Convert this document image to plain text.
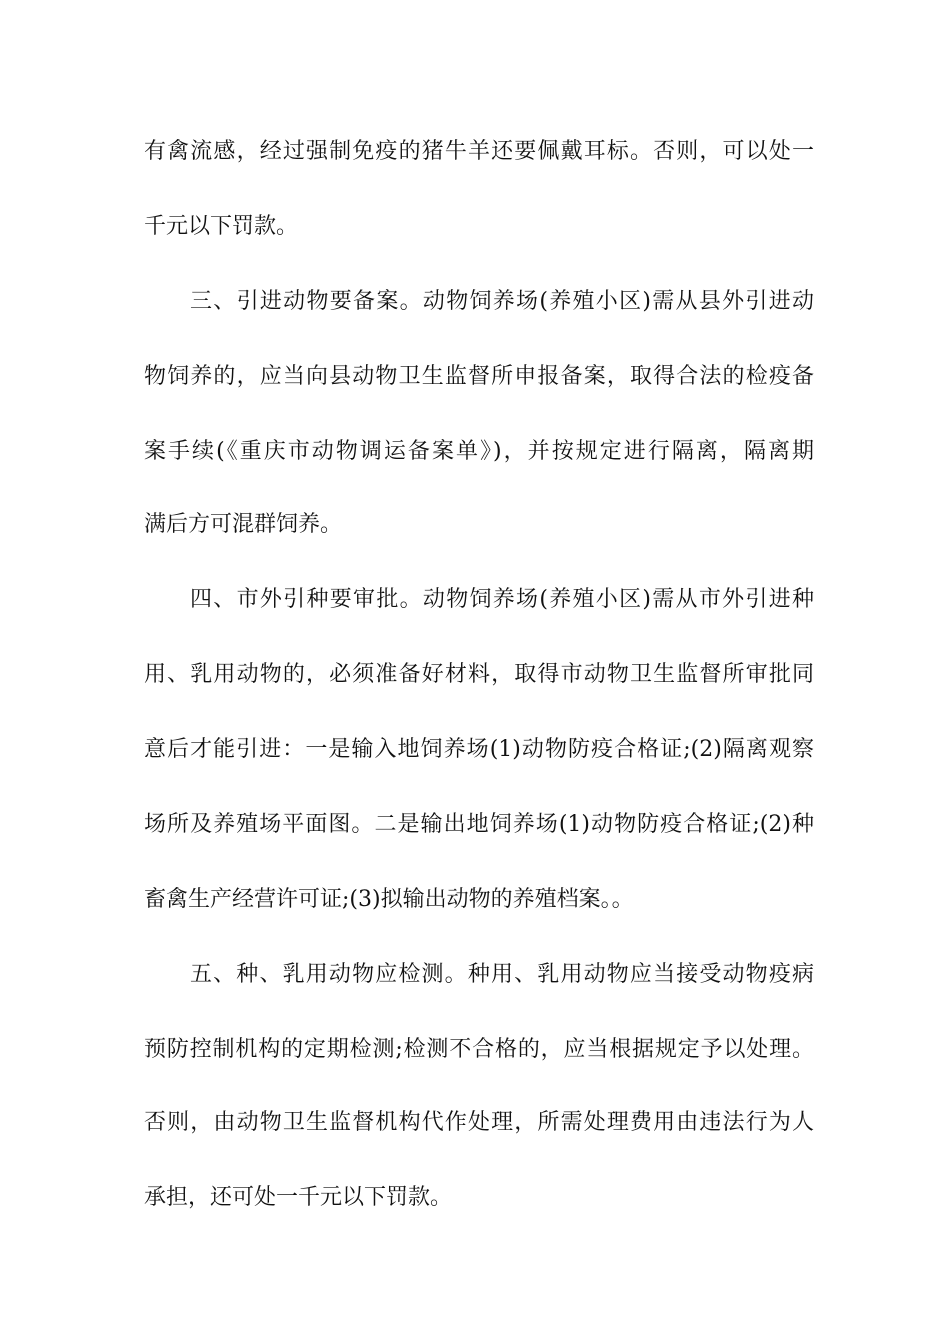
有禽流感，经过强制免疫的猪牛羊还要佩戴耳标。否则，可以处一
千元以下罚款。
三、引进动物要备案。动物饲养场(养殖小区)需从县外引进动
物饲养的，应当向县动物卫生监督所申报备案，取得合法的检疫备
案手续(《重庆市动物调运备案单》)，并按规定进行隔离，隔离期
满后方可混群饲养。
四、市外引种要审批。动物饲养场(养殖小区)需从市外引进种
用、乳用动物的，必须准备好材料，取得市动物卫生监督所审批同
意后才能引进：一是输入地饲养场(1)动物防疫合格证;(2)隔离观察
场所及养殖场平面图。二是输出地饲养场(1)动物防疫合格证;(2)种
畜禽生产经营许可证;(3)拟输出动物的养殖档案。。
五、种、乳用动物应检测。种用、乳用动物应当接受动物疫病
预防控制机构的定期检测;检测不合格的，应当根据规定予以处理。
否则，由动物卫生监督机构代作处理，所需处理费用由违法行为人
承担，还可处一千元以下罚款。
